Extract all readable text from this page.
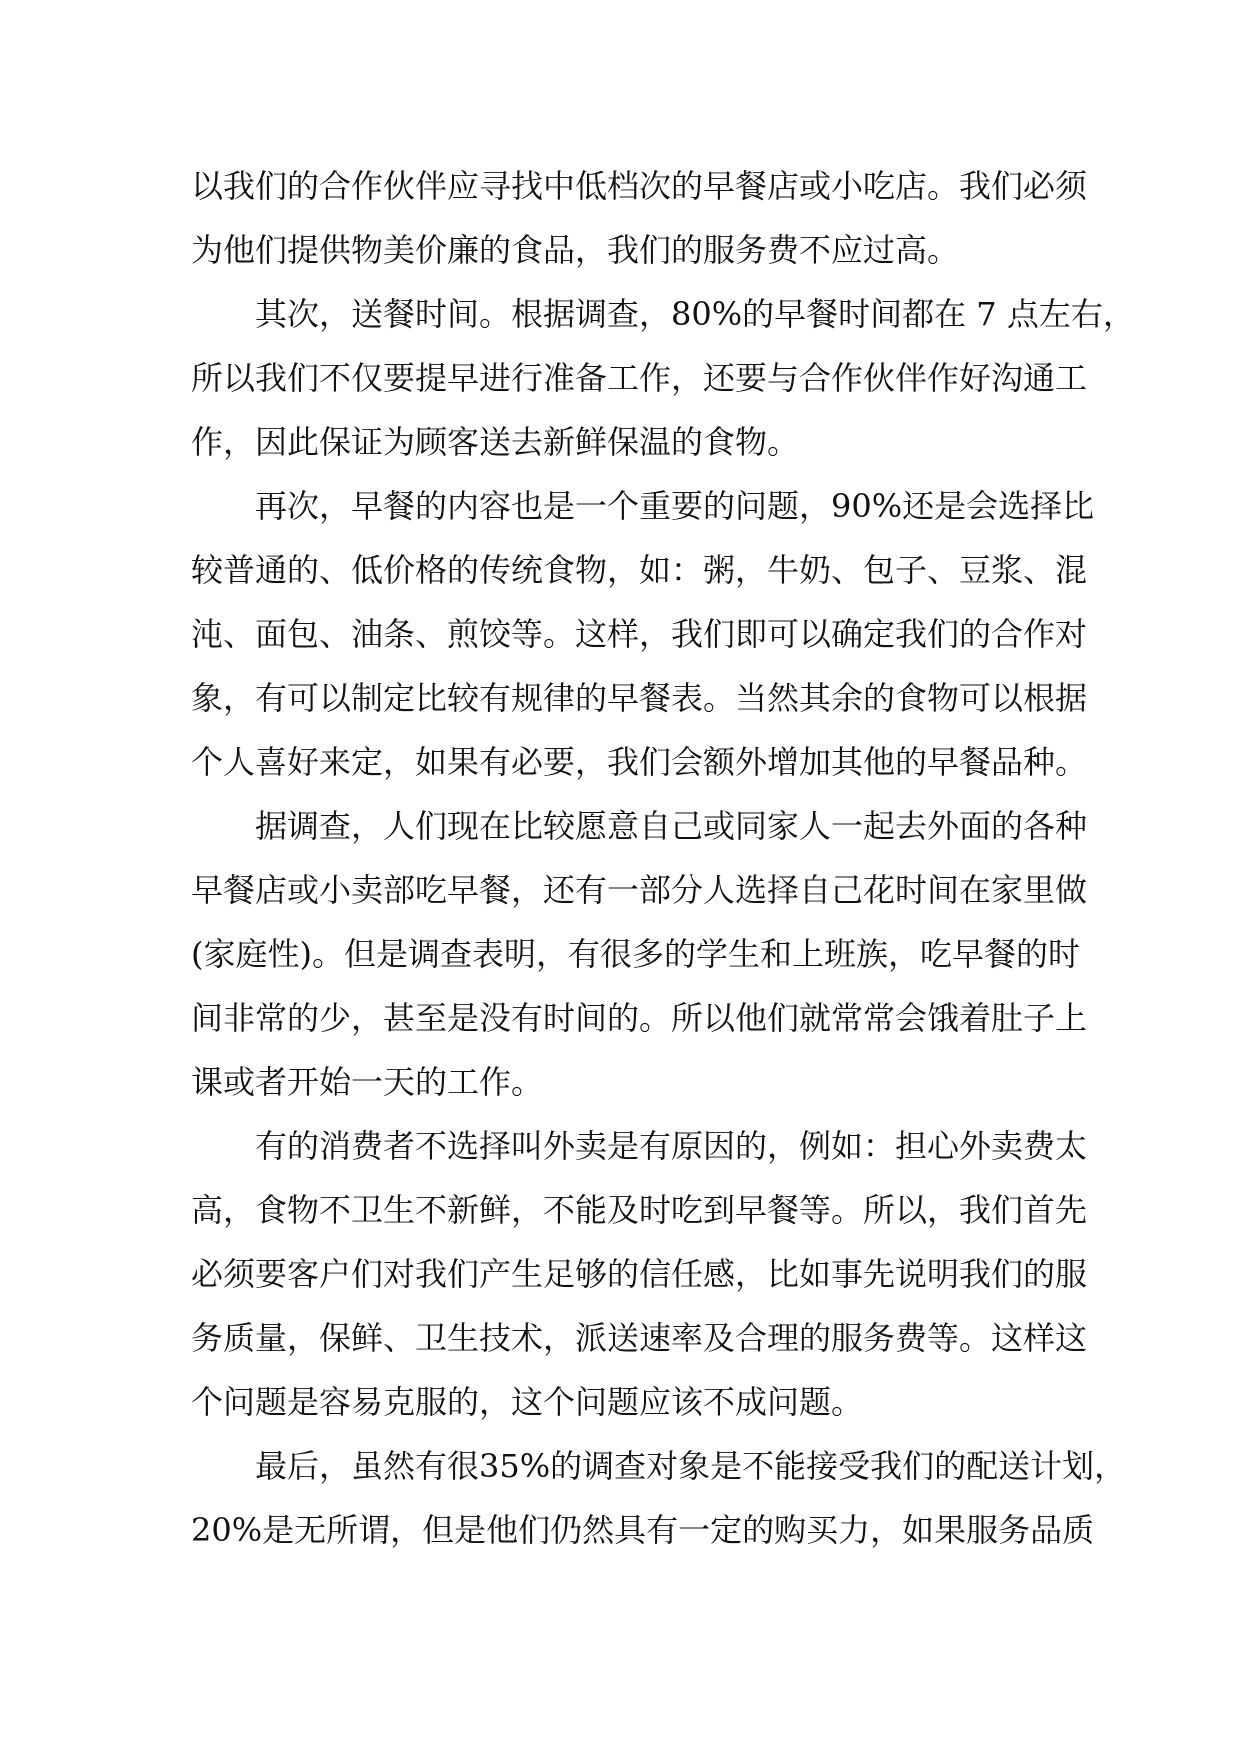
以我们的合作伙伴应寻找中低档次的早餐店或小吃店。我们必须
为他们提供物美价廉的食品，我们的服务费不应过高。
其次，送餐时间。根据调查，80%的早餐时间都在 7 点左右，
所以我们不仅要提早进行准备工作，还要与合作伙伴作好沟通工
作，因此保证为顾客送去新鲜保温的食物。
再次，早餐的内容也是一个重要的问题，90%还是会选择比
较普通的、低价格的传统食物，如：粥，牛奶、包子、豆浆、混
沌、面包、油条、煎饺等。这样，我们即可以确定我们的合作对
象，有可以制定比较有规律的早餐表。当然其余的食物可以根据
个人喜好来定，如果有必要，我们会额外增加其他的早餐品种。
据调查，人们现在比较愿意自己或同家人一起去外面的各种
早餐店或小卖部吃早餐，还有一部分人选择自己花时间在家里做
(家庭性)。但是调查表明，有很多的学生和上班族，吃早餐的时
间非常的少，甚至是没有时间的。所以他们就常常会饿着肚子上
课或者开始一天的工作。
有的消费者不选择叫外卖是有原因的，例如：担心外卖费太
高，食物不卫生不新鲜，不能及时吃到早餐等。所以，我们首先
必须要客户们对我们产生足够的信任感，比如事先说明我们的服
务质量，保鲜、卫生技术，派送速率及合理的服务费等。这样这
个问题是容易克服的，这个问题应该不成问题。
最后，虽然有很35%的调查对象是不能接受我们的配送计划，
20%是无所谓，但是他们仍然具有一定的购买力，如果服务品质
